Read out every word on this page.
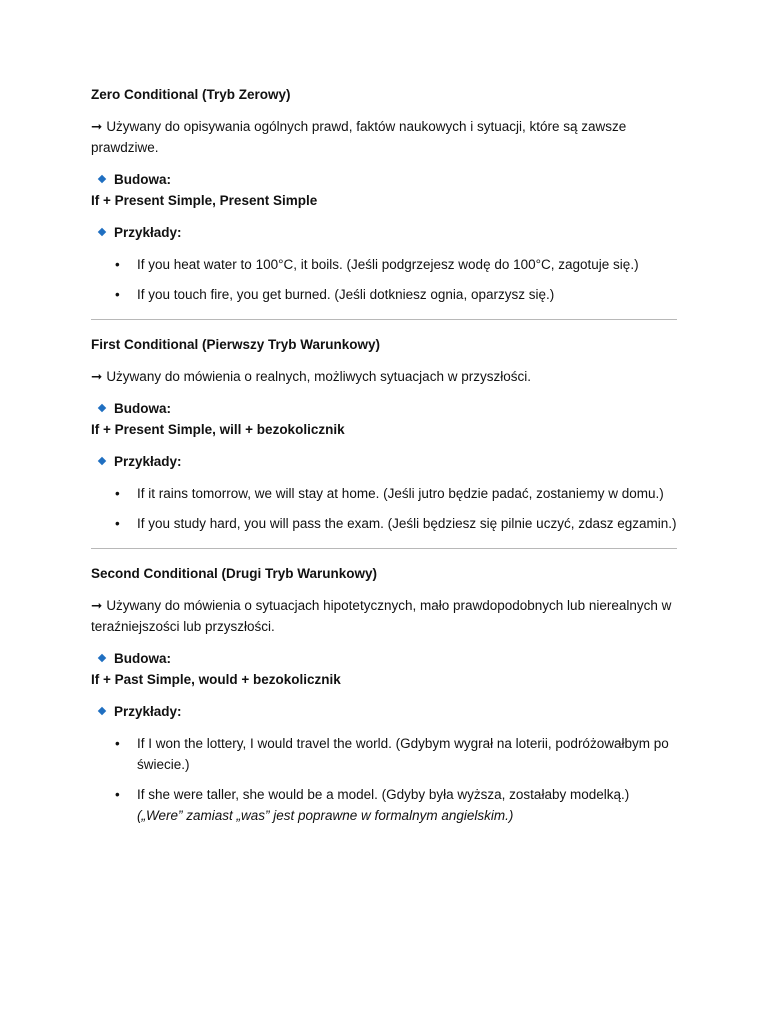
Zero Conditional (Tryb Zerowy)

➞ Używany do opisywania ogólnych prawd, faktów naukowych i sytuacji, które są zawsze prawdziwe.

Budowa:

If + Present Simple, Present Simple

Przykłady:

• If you heat water to 100°C, it boils. (Jeśli podgrzejesz wodę do 100°C, zagotuje się.)
• If you touch fire, you get burned. (Jeśli dotkniesz ognia, oparzysz się.)

First Conditional (Pierwszy Tryb Warunkowy)

➞ Używany do mówienia o realnych, możliwych sytuacjach w przyszłości.

Budowa:

If + Present Simple, will + bezokolicznik

Przykłady:

• If it rains tomorrow, we will stay at home. (Jeśli jutro będzie padać, zostaniemy w domu.)
• If you study hard, you will pass the exam. (Jeśli będziesz się pilnie uczyć, zdasz egzamin.)

Second Conditional (Drugi Tryb Warunkowy)

➞ Używany do mówienia o sytuacjach hipotetycznych, mało prawdopodobnych lub nierealnych w teraźniejszości lub przyszłości.

Budowa:

If + Past Simple, would + bezokolicznik

Przykłady:

• If I won the lottery, I would travel the world. (Gdybym wygrał na loterii, podróżowałbym po świecie.)
• If she were taller, she would be a model. (Gdyby była wyższa, zostałaby modelką.)
(„Were” zamiast „was” jest poprawne w formalnym angielskim.)
